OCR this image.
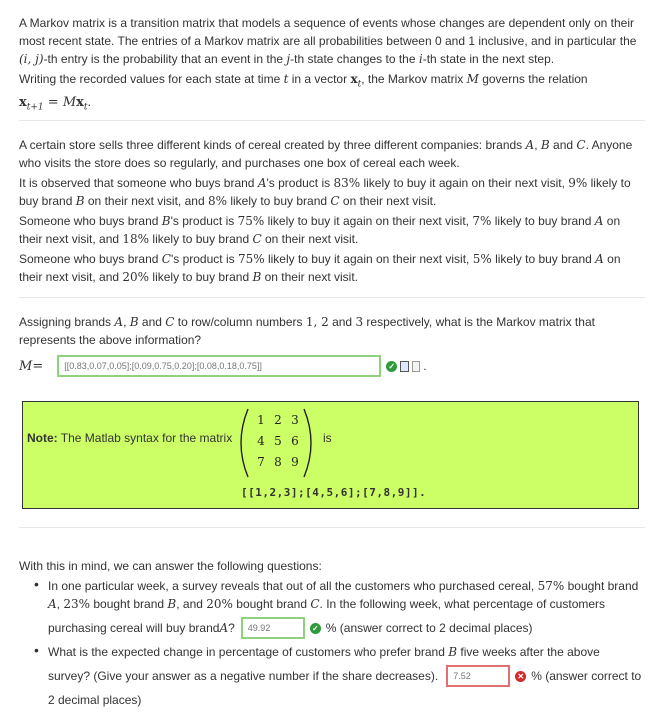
A Markov matrix is a transition matrix that models a sequence of events whose changes are dependent only on their

most recent state. The entries of a Markov matrix are all probabilities between 0 and 1 inclusive, and in particular the

(i, j)-th entry is the probability that an event in the j-th state changes to the i-th state in the next step.

Writing the recorded values for each state at time t in a vector $x_t$, the Markov matrix M governs the relation

$x_{t+1} = Mx_t$.

A certain store sells three different kinds of cereal created by three different companies: brands A, B and C. Anyone

who visits the store does so regularly, and purchases one box of cereal each week.

It is observed that someone who buys brand A's product is 83% likely to buy it again on their next visit, 9% likely to

buy brand B on their next visit, and 8% likely to buy brand C on their next visit.

Someone who buys brand B's product is 75% likely to buy it again on their next visit, 7% likely to buy brand A on

their next visit, and 18% likely to buy brand C on their next visit.

Someone who buys brand C's product is 75% likely to buy it again on their next visit, 5% likely to buy brand A on

their next visit, and 20% likely to buy brand B on their next visit.

Assigning brands A, B and C to row/column numbers 1, 2 and 3 respectively, what is the Markov matrix that

represents the above information?

M =	[[0.83,0.07,0.05];[0.09,0.75,0.20];[0.08,0.18,0.75]]	✓ .
Note: The Matlab syntax for the matrix
1 2 3
4 5 6
7 8 9
is
[[1,2,3];[4,5,6];[7,8,9]].

With this in mind, we can answer the following questions:

• In one particular week, a survey reveals that out of all the customers who purchased cereal, 57% bought brand

A, 23% bought brand B, and 20% bought brand C. In the following week, what percentage of customers

purchasing cereal will buy brand A ?	49.92	✓ % (answer correct to 2 decimal places)
• What is the expected change in percentage of customers who prefer brand B five weeks after the above

survey? (Give your answer as a negative number if the share decreases).	7.52	✕ % (answer correct to

2 decimal places)
